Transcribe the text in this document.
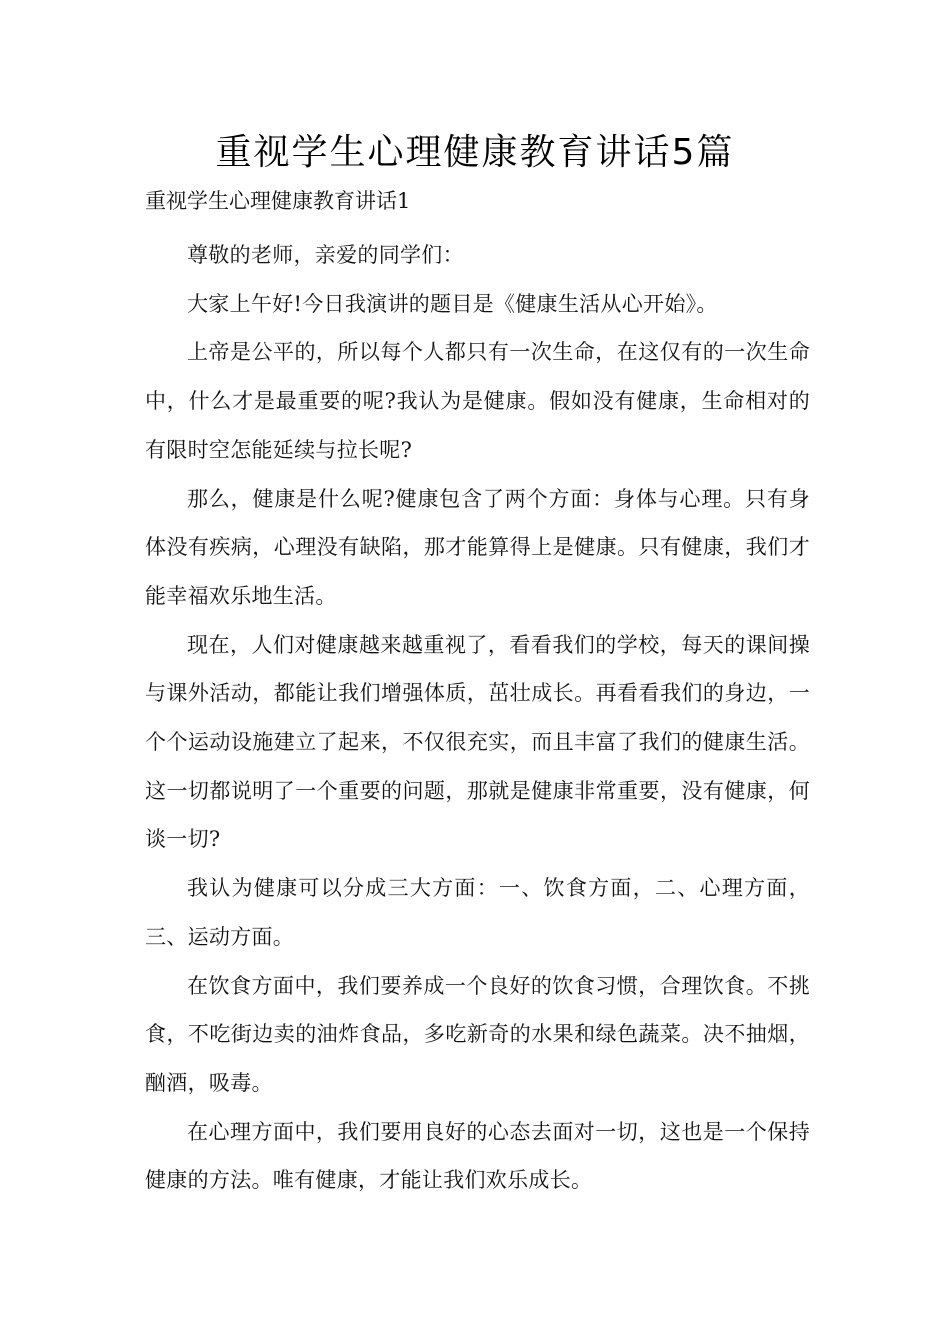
重视学生心理健康教育讲话5篇
重视学生心理健康教育讲话1

尊敬的老师，亲爱的同学们：

大家上午好!今日我演讲的题目是《健康生活从心开始》。

上帝是公平的，所以每个人都只有一次生命，在这仅有的一次生命中，什么才是最重要的呢?我认为是健康。假如没有健康，生命相对的有限时空怎能延续与拉长呢?

那么，健康是什么呢?健康包含了两个方面：身体与心理。只有身体没有疾病，心理没有缺陷，那才能算得上是健康。只有健康，我们才能幸福欢乐地生活。

现在，人们对健康越来越重视了，看看我们的学校，每天的课间操与课外活动，都能让我们增强体质，茁壮成长。再看看我们的身边，一个个运动设施建立了起来，不仅很充实，而且丰富了我们的健康生活。这一切都说明了一个重要的问题，那就是健康非常重要，没有健康，何谈一切?

我认为健康可以分成三大方面：一、饮食方面，二、心理方面，三、运动方面。

在饮食方面中，我们要养成一个良好的饮食习惯，合理饮食。不挑食，不吃街边卖的油炸食品，多吃新奇的水果和绿色蔬菜。决不抽烟，酗酒，吸毒。

在心理方面中，我们要用良好的心态去面对一切，这也是一个保持健康的方法。唯有健康，才能让我们欢乐成长。
